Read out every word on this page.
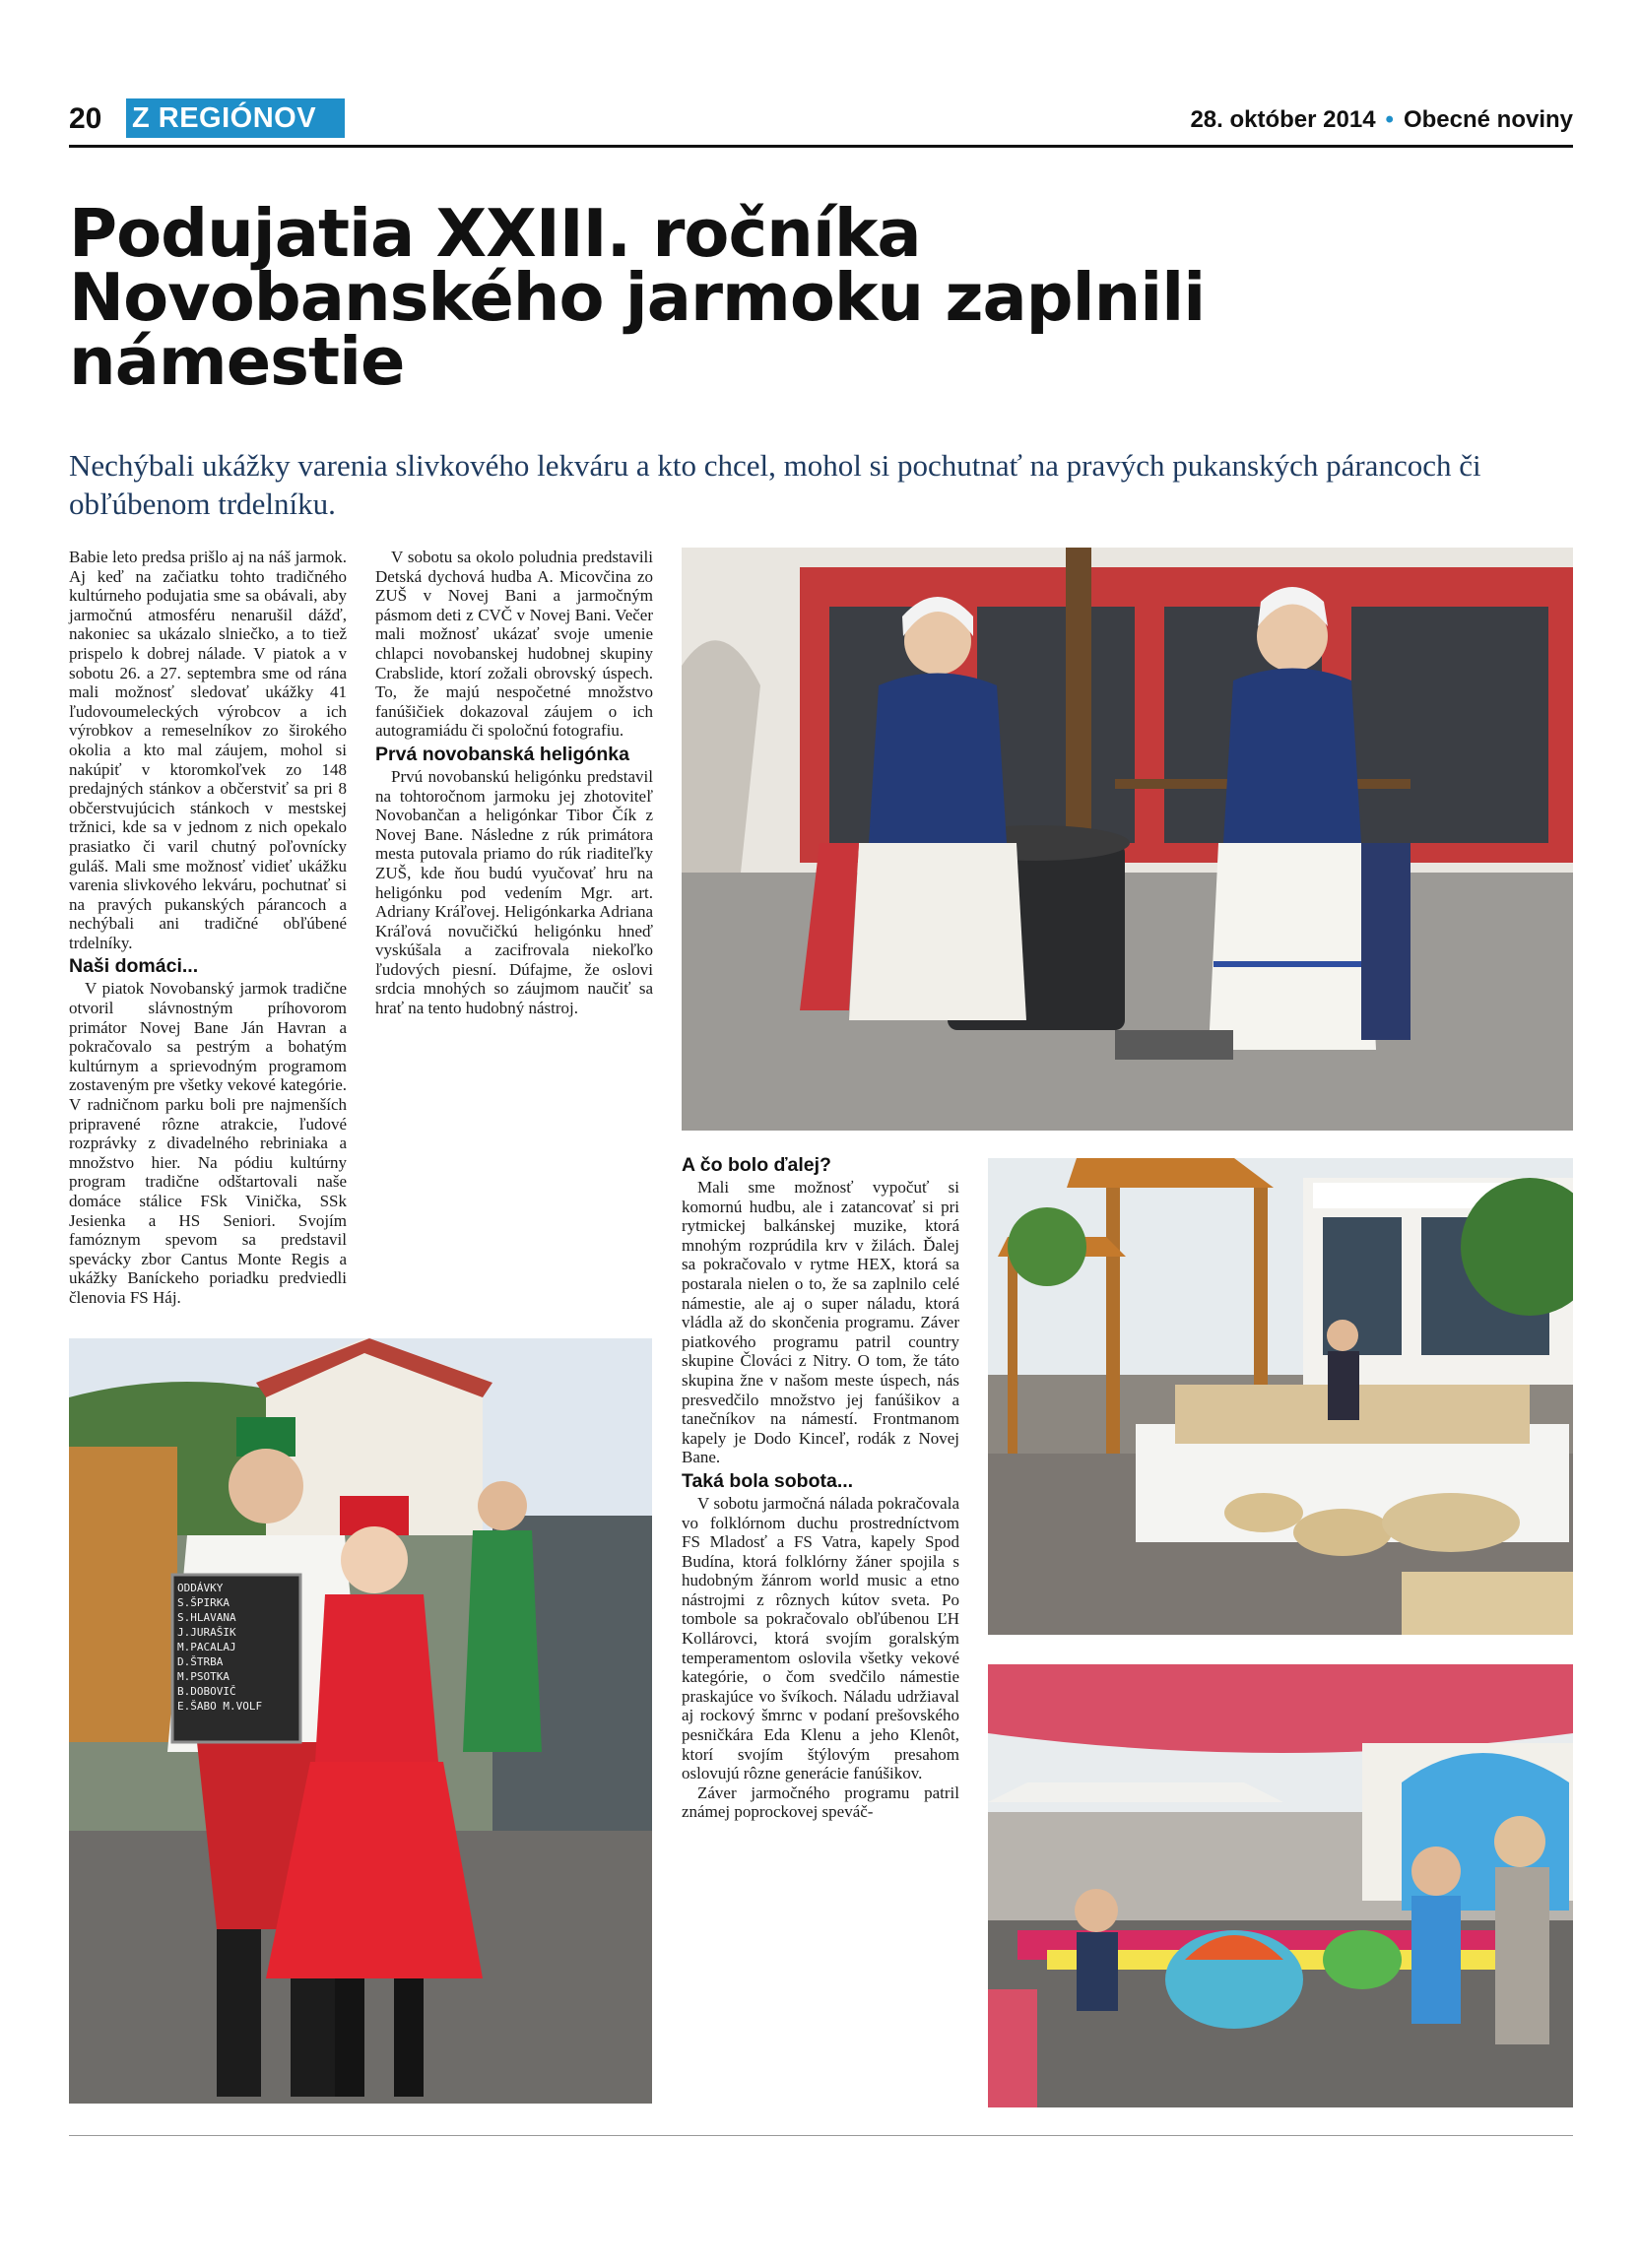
20 Z REGIÓNOV	28. október 2014 • Obecné noviny
Podujatia XXIII. ročníka
Novobanského jarmoku zaplnili
námestie

Nechýbali ukážky varenia slivkového lekváru a kto chcel, mohol si pochutnať na pravých pukanských párancoch či obľúbenom trdelníku.

Babie leto predsa prišlo aj na náš jarmok. Aj keď na začiatku tohto tradičného kultúrneho podujatia sme sa obávali, aby jarmočnú atmosféru nenarušil dážď, nakoniec sa ukázalo slniečko, a to tiež prispelo k dobrej nálade. V piatok a v sobotu 26. a 27. septembra sme od rána mali možnosť sledovať ukážky 41 ľudovoumeleckých výrobcov a ich výrobkov a remeselníkov zo širokého okolia a kto mal záujem, mohol si nakúpiť v ktoromkoľvek zo 148 predajných stánkov a občerstviť sa pri 8 občerstvujúcich stánkoch v mestskej tržnici, kde sa v jednom z nich opekalo prasiatko či varil chutný poľovnícky guláš. Mali sme možnosť vidieť ukážku varenia slivkového lekváru, pochutnať si na pravých pukanských párancoch a nechýbali ani tradičné obľúbené trdelníky.

Naši domáci...

V piatok Novobanský jarmok tradične otvoril slávnostným príhovorom primátor Novej Bane Ján Havran a pokračovalo sa pestrým a bohatým kultúrnym a sprievodným programom zostaveným pre všetky vekové kategórie. V radničnom parku boli pre najmenších pripravené rôzne atrakcie, ľudové rozprávky z divadelného rebriniaka a množstvo hier. Na pódiu kultúrny program tradične odštartovali naše domáce stálice FSk Vinička, SSk Jesienka a HS Seniori. Svojím famóznym spevom sa predstavil spevácky zbor Cantus Monte Regis a ukážky Baníckeho poriadku predviedli členovia FS Háj.

V sobotu sa okolo poludnia predstavili Detská dychová hudba A. Micovčina zo ZUŠ v Novej Bani a jarmočným pásmom deti z CVČ v Novej Bani. Večer mali možnosť ukázať svoje umenie chlapci novobanskej hudobnej skupiny Crabslide, ktorí zožali obrovský úspech. To, že majú nespočetné množstvo fanúšičiek dokazoval záujem o ich autogramiádu či spoločnú fotografiu.

Prvá novobanská heligónka

Prvú novobanskú heligónku predstavil na tohtoročnom jarmoku jej zhotoviteľ Novobančan a heligónkar Tibor Čík z Novej Bane. Následne z rúk primátora mesta putovala priamo do rúk riaditeľky ZUŠ, kde ňou budú vyučovať hru na heligónku pod vedením Mgr. art. Adriany Kráľovej. Heligónkarka Adriana Kráľová novučičkú heligónku hneď vyskúšala a zacifrovala niekoľko ľudových piesní. Dúfajme, že oslovi srdcia mnohých so záujmom naučiť sa hrať na tento hudobný nástroj.

A čo bolo ďalej?

Mali sme možnosť vypočuť si komornú hudbu, ale i zatancovať si pri rytmickej balkánskej muzike, ktorá mnohým rozprúdila krv v žilách. Ďalej sa pokračovalo v rytme HEX, ktorá sa postarala nielen o to, že sa zaplnilo celé námestie, ale aj o super náladu, ktorá vládla až do skončenia programu. Záver piatkového programu patril country skupine Člováci z Nitry. O tom, že táto skupina žne v našom meste úspech, nás presvedčilo množstvo jej fanúšikov a tanečníkov na námestí. Frontmanom kapely je Dodo Kinceľ, rodák z Novej Bane.

Taká bola sobota...

V sobotu jarmočná nálada pokračovala vo folklórnom duchu prostredníctvom FS Mladosť a FS Vatra, kapely Spod Budína, ktorá folklórny žáner spojila s hudobným žánrom world music a etno nástrojmi z rôznych kútov sveta. Po tombole sa pokračovalo obľúbenou ĽH Kollárovci, ktorá svojím goralským temperamentom oslovila všetky vekové kategórie, o čom svedčilo námestie praskajúce vo švíkoch. Náladu udržiaval aj rockový šmrnc v podaní prešovského pesničkára Eda Klenu a jeho Klenôt, ktorí svojím štýlovým presahom oslovujú rôzne generácie fanúšikov.

Záver jarmočného programu patril známej poprockovej speváč-

ODDÁVKY
S.ŠPIRKA
S.HLAVANA
J.JURAŠIK
M.PACALAJ
D.ŠTRBA
M.PSOTKA
B.DOBOVIČ
E.ŠABO M.VOLF
